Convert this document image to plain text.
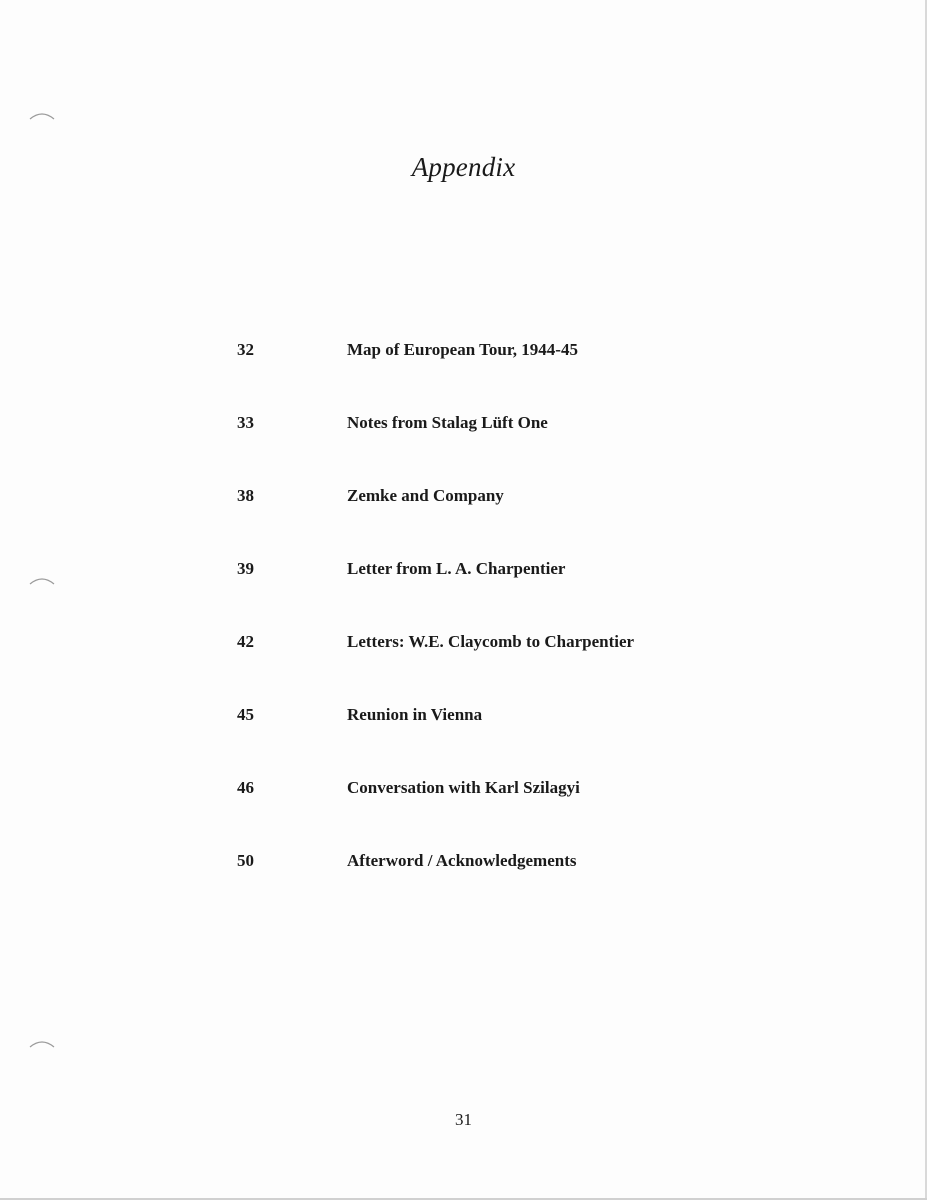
Appendix
32	Map of European Tour, 1944-45
33	Notes from Stalag Lüft One
38	Zemke and Company
39	Letter from L. A. Charpentier
42	Letters: W.E. Claycomb to Charpentier
45	Reunion in Vienna
46	Conversation with Karl Szilagyi
50	Afterword / Acknowledgements
31
